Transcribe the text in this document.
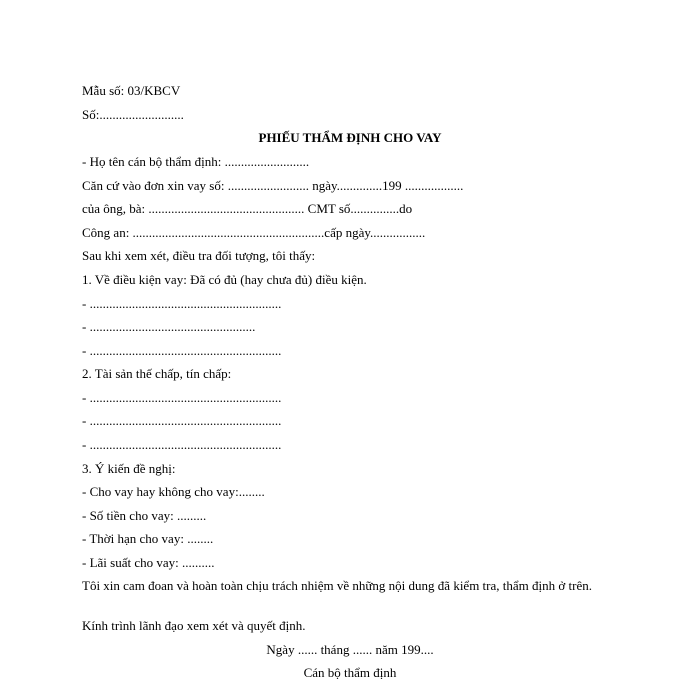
Mẫu số: 03/KBCV
Số:..........................
PHIẾU THẨM ĐỊNH CHO VAY
- Họ tên cán bộ thẩm định: ..........................
Căn cứ vào đơn xin vay số: ......................... ngày..............199 ..................
của ông, bà: ................................................ CMT số...............do
Công an: ...........................................................cấp ngày.................
Sau khi xem xét, điều tra đối tượng, tôi thấy:
1. Về điều kiện vay: Đã có đủ (hay chưa đủ) điều kiện.
- ...........................................................
- ...................................................
- ...........................................................
2. Tài sản thế chấp, tín chấp:
- ...........................................................
- ...........................................................
- ...........................................................
3. Ý kiến đề nghị:
- Cho vay hay không cho vay:........
- Số tiền cho vay: .........
- Thời hạn cho vay: ........
- Lãi suất cho vay: ..........
Tôi xin cam đoan và hoàn toàn chịu trách nhiệm về những nội dung đã kiểm tra, thẩm định ở trên.
Kính trình lãnh đạo xem xét và quyết định.
Ngày ...... tháng ...... năm 199....
Cán bộ thẩm định
